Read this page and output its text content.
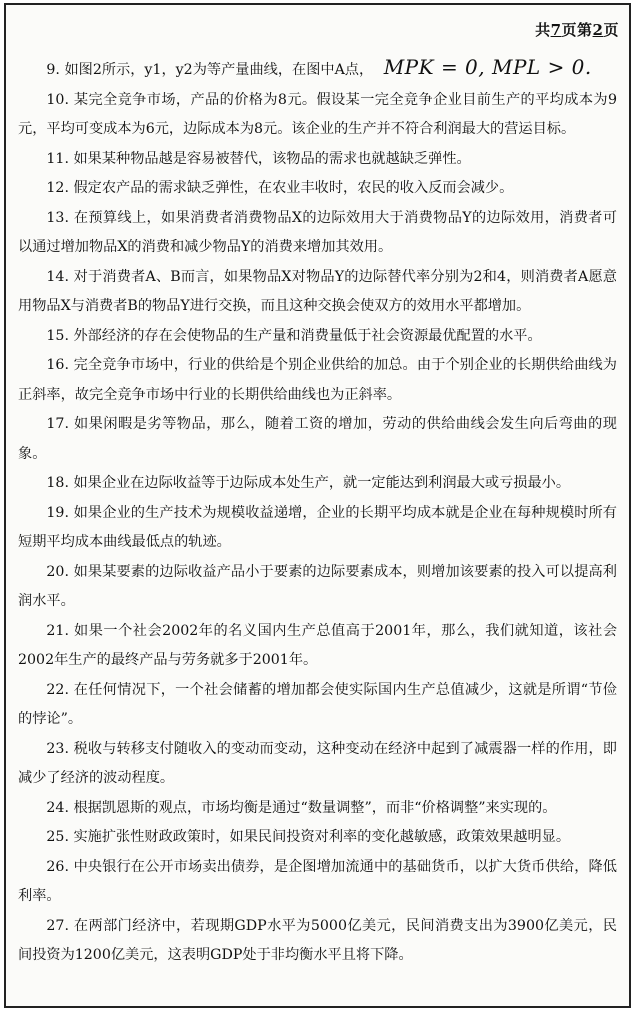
共7页第2页

9. 如图2所示，y1，y2为等产量曲线，在图中A点， MPK = 0, MPL > 0.

10. 某完全竞争市场，产品的价格为8元。假设某一完全竞争企业目前生产的平均成本为9元，平均可变成本为6元，边际成本为8元。该企业的生产并不符合利润最大的营运目标。

11. 如果某种物品越是容易被替代，该物品的需求也就越缺乏弹性。

12. 假定农产品的需求缺乏弹性，在农业丰收时，农民的收入反而会减少。

13. 在预算线上，如果消费者消费物品X的边际效用大于消费物品Y的边际效用，消费者可以通过增加物品X的消费和减少物品Y的消费来增加其效用。

14. 对于消费者A、B而言，如果物品X对物品Y的边际替代率分别为2和4，则消费者A愿意用物品X与消费者B的物品Y进行交换，而且这种交换会使双方的效用水平都增加。

15. 外部经济的存在会使物品的生产量和消费量低于社会资源最优配置的水平。

16. 完全竞争市场中，行业的供给是个别企业供给的加总。由于个别企业的长期供给曲线为正斜率，故完全竞争市场中行业的长期供给曲线也为正斜率。

17. 如果闲暇是劣等物品，那么，随着工资的增加，劳动的供给曲线会发生向后弯曲的现象。

18. 如果企业在边际收益等于边际成本处生产，就一定能达到利润最大或亏损最小。

19. 如果企业的生产技术为规模收益递增，企业的长期平均成本就是企业在每种规模时所有短期平均成本曲线最低点的轨迹。

20. 如果某要素的边际收益产品小于要素的边际要素成本，则增加该要素的投入可以提高利润水平。

21. 如果一个社会2002年的名义国内生产总值高于2001年，那么，我们就知道，该社会2002年生产的最终产品与劳务就多于2001年。

22. 在任何情况下，一个社会储蓄的增加都会使实际国内生产总值减少，这就是所谓“节俭的悖论”。

23. 税收与转移支付随收入的变动而变动，这种变动在经济中起到了减震器一样的作用，即减少了经济的波动程度。

24. 根据凯恩斯的观点，市场均衡是通过“数量调整”，而非“价格调整”来实现的。

25. 实施扩张性财政政策时，如果民间投资对利率的变化越敏感，政策效果越明显。

26. 中央银行在公开市场卖出债券，是企图增加流通中的基础货币，以扩大货币供给，降低利率。

27. 在两部门经济中，若现期GDP水平为5000亿美元，民间消费支出为3900亿美元，民间投资为1200亿美元，这表明GDP处于非均衡水平且将下降。
